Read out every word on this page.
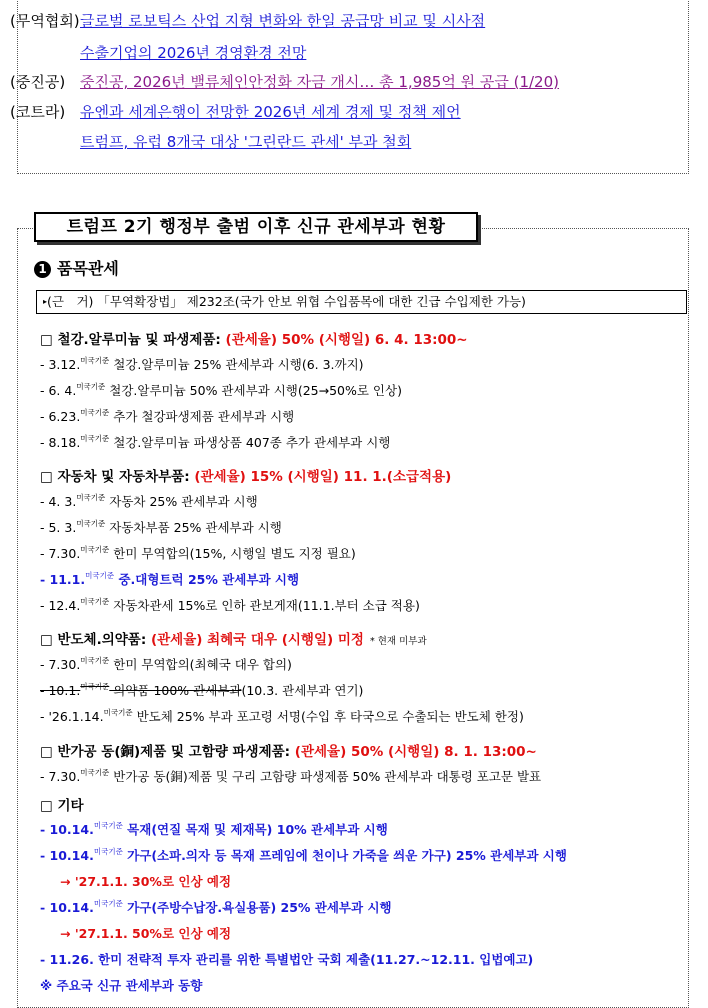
(무역협회)글로벌 로보틱스 산업 지형 변화와 한일 공급망 비교 및 시사점
수출기업의 2026년 경영환경 전망
(중진공) 중진공, 2026년 밸류체인안정화 자금 개시… 총 1,985억 원 공급 (1/20)
(코트라) 유엔과 세계은행이 전망한 2026년 세계 경제 및 정책 제언
트럼프, 유럽 8개국 대상 '그린란드 관세' 부과 철회
트럼프 2기 행정부 출범 이후 신규 관세부과 현황
1 품목관세
▸(근　거) 「무역확장법」 제232조(국가 안보 위협 수입품목에 대한 긴급 수입제한 가능)
□ 철강.알루미늄 및 파생제품: (관세율) 50% (시행일) 6. 4. 13:00~
- 3.12.$^{미국기준}$ 철강.알루미늄 25% 관세부과 시행(6. 3.까지)
- 6. 4.$^{미국기준}$ 철강.알루미늄 50% 관세부과 시행(25→50%로 인상)
- 6.23.$^{미국기준}$ 추가 철강파생제품 관세부과 시행
- 8.18.$^{미국기준}$ 철강.알루미늄 파생상품 407종 추가 관세부과 시행
□ 자동차 및 자동차부품: (관세율) 15% (시행일) 11. 1.(소급적용)
- 4. 3.$^{미국기준}$ 자동차 25% 관세부과 시행
- 5. 3.$^{미국기준}$ 자동차부품 25% 관세부과 시행
- 7.30.$^{미국기준}$ 한미 무역합의(15%, 시행일 별도 지정 필요)
- 11.1.$^{미국기준}$ 중.대형트럭 25% 관세부과 시행
- 12.4.$^{미국기준}$ 자동차관세 15%로 인하 관보게재(11.1.부터 소급 적용)
□ 반도체.의약품: (관세율) 최혜국 대우 (시행일) 미정 * 현재 미부과
- 7.30.$^{미국기준}$ 한미 무역합의(최혜국 대우 합의)
- 10.1.$^{미국기준}$ 의약품 100% 관세부과(10.3. 관세부과 연기)
- '26.1.14.$^{미국기준}$ 반도체 25% 부과 포고령 서명(수입 후 타국으로 수출되는 반도체 한정)
□ 반가공 동(銅)제품 및 고함량 파생제품: (관세율) 50% (시행일) 8. 1. 13:00~
- 7.30.$^{미국기준}$ 반가공 동(銅)제품 및 구리 고함량 파생제품 50% 관세부과 대통령 포고문 발표
□ 기타
- 10.14.$^{미국기준}$ 목재(연질 목재 및 제재목) 10% 관세부과 시행
- 10.14.$^{미국기준}$ 가구(소파.의자 등 목재 프레임에 천이나 가죽을 씌운 가구) 25% 관세부과 시행
→ '27.1.1. 30%로 인상 예정
- 10.14.$^{미국기준}$ 가구(주방수납장.욕실용품) 25% 관세부과 시행
→ '27.1.1. 50%로 인상 예정
- 11.26. 한미 전략적 투자 관리를 위한 특별법안 국회 제출(11.27.~12.11. 입법예고)
※ 주요국 신규 관세부과 동향
